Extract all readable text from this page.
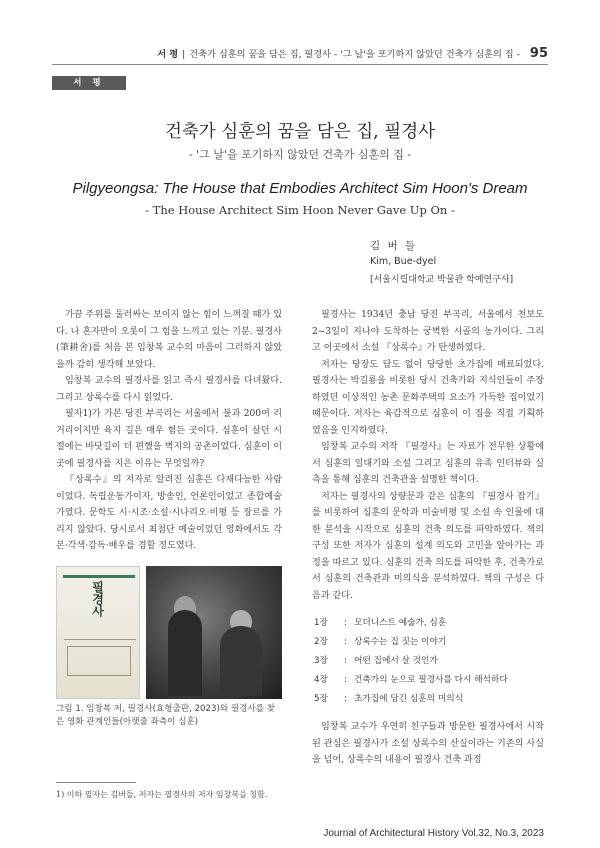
서 평 | 건축가 심훈의 꿈을 담은 집, 필경사 - '그 날'을 포기하지 않았던 건축가 심훈의 집 - 95
서 평
건축가 심훈의 꿈을 담은 집, 필경사
- '그 날'을 포기하지 않았던 건축가 심훈의 집 -
Pilgyeongsa: The House that Embodies Architect Sim Hoon's Dream
- The House Architect Sim Hoon Never Gave Up On -
김 버 들
Kim, Bue-dyel
[서울시립대학교 박물관 학예연구사]

가끔 주위를 둘러싸는 보이지 않는 힘이 느껴질 때가 있다. 나 혼자만이 오롯이 그 힘을 느끼고 있는 기분. 필경사(筆耕舍)를 처음 본 임창복 교수의 마음이 그러하지 않았을까 감히 생각해 보았다.

임창복 교수의 필경사를 읽고 즉시 필경사를 다녀왔다. 그리고 상록수를 다시 읽었다.

필자1)가 가본 당진 부곡리는 서울에서 불과 200여 리 거리이지만 육지 길은 매우 험든 곳이다. 심훈이 살던 시절에는 바닷길이 더 편했을 벽지의 공촌이었다. 심훈이 이곳에 필경사를 지은 이유는 무엇일까?

『상록수』의 저자로 알려진 심훈은 다재다능한 사람이었다. 독립운동가이자, 방송인, 언론인이었고 종합예술가였다. 문학도 시·시조·소설·시나리오·비평 등 장르를 가리지 않았다. 당시로서 최첨단 예술이었던 영화에서도 각본·각색·감독·배우를 겸할 정도였다.

필경사
그림 1. 임창복 저, 필경사(효형출판, 2023)와 필경사를 찾은 영화 관계인들(아랫줄 좌측이 심훈)
1) 이하 필자는 김버들, 저자는 필경사의 저자 임창복을 칭함.

필경사는 1934년 충남 당진 부곡리, 서울에서 천보도 2~3일이 지나야 도착하는 궁벽한 시골의 농가이다. 그리고 이곳에서 소설 『상록수』가 탄생하였다.

저자는 당장도 담도 없이 당당한 초가집에 매료되었다. 필경사는 박길룡을 비롯한 당시 건축가와 지식인들이 주장하였던 이상적인 농촌 문화주택의 요소가 가득한 집이었기 때문이다. 저자는 육감적으로 심훈이 이 집을 직접 기획하였음을 인지하였다.

임창복 교수의 저작 『필경사』는 자료가 전무한 상황에서 심훈의 일대기와 소설 그리고 심훈의 유족 인터뷰와 실측을 통해 심훈의 건축관을 설명한 책이다.

저자는 필경사의 상량문과 같은 심훈의 『필경사 잡기』를 비롯하여 심훈의 문학과 미술비평 및 소설 속 인물에 대한 분석을 시작으로 심훈의 건축 의도를 파악하였다. 책의 구성 또한 저자가 심훈의 설계 의도와 고민을 알아가는 과정을 따르고 있다. 심훈의 건축 의도를 파악한 후, 건축가로서 심훈의 건축관과 미의식을 분석하였다. 책의 구성은 다음과 같다.

1장	: 모더니스트 예술가, 심훈
2장	: 상록수는 집 짓는 이야기
3장	: 어떤 집에서 살 것인가
4장	: 건축가의 눈으로 필경사를 다시 해석하다
5장	: 초가집에 담긴 심훈의 미의식

임창복 교수가 우연히 친구들과 방문한 필경사에서 시작된 관심은 필경사가 소설 상록수의 산실이라는 기존의 사실을 넘어, 상록수의 내용이 필경사 건축 과정

Journal of Architectural History Vol.32, No.3, 2023
